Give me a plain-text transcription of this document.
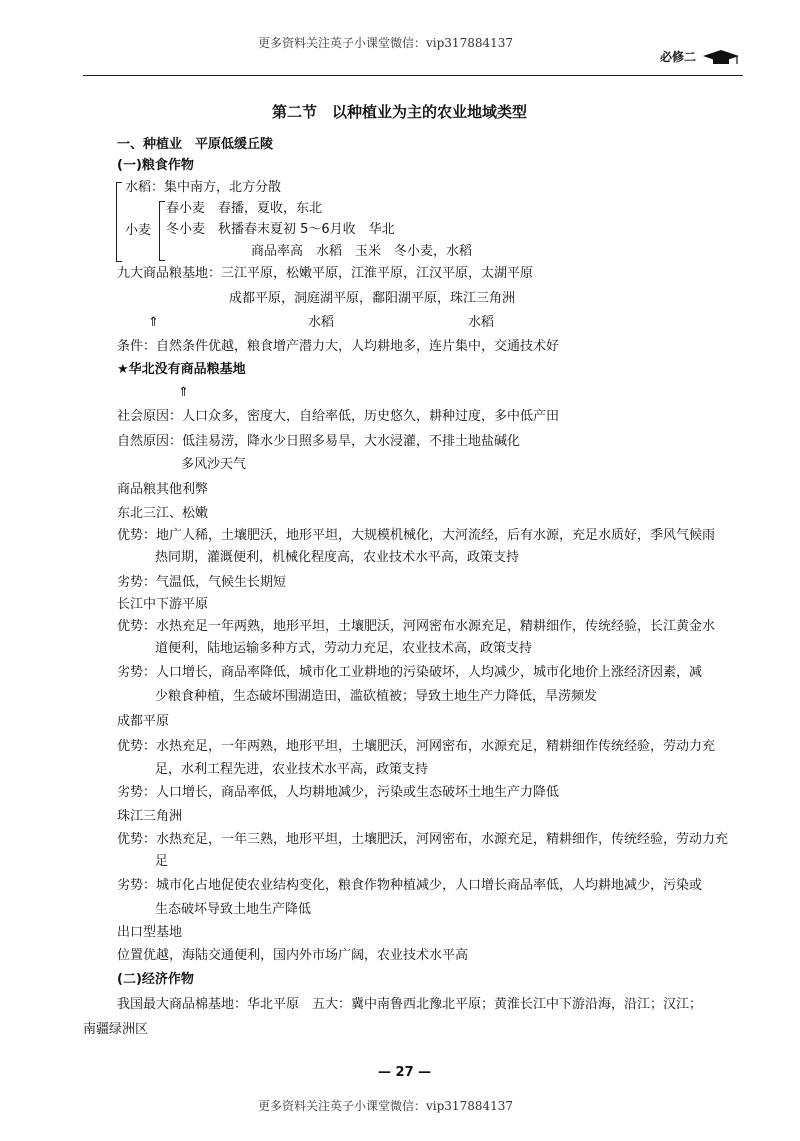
更多资料关注英子小课堂微信：vip317884137
必修二
第二节　以种植业为主的农业地域类型
一、种植业　平原低缓丘陵
(一)粮食作物
水稻：集中南方，北方分散
小麦
春小麦　春播，夏收，东北
冬小麦　秋播春末夏初 5～6月收　华北
商品率高　水稻　玉米　冬小麦，水稻
九大商品粮基地：三江平原，松嫩平原，江淮平原，江汉平原，太湖平原
成都平原，洞庭湖平原，鄱阳湖平原，珠江三角洲
⇑	水稻	水稻
条件：自然条件优越，粮食增产潜力大，人均耕地多，连片集中，交通技术好
★华北没有商品粮基地
⇑
社会原因：人口众多，密度大，自给率低，历史悠久，耕种过度，多中低产田
自然原因：低洼易涝，降水少日照多易旱，大水浸灌，不排土地盐碱化
多风沙天气
商品粮其他利弊
东北三江、松嫩
优势：地广人稀，土壤肥沃，地形平坦，大规模机械化，大河流经，后有水源，充足水质好，季风气候雨
热同期，灌溉便利，机械化程度高，农业技术水平高，政策支持
劣势：气温低，气候生长期短
长江中下游平原
优势：水热充足一年两熟，地形平坦，土壤肥沃，河网密布水源充足，精耕细作，传统经验，长江黄金水
道便利，陆地运输多种方式，劳动力充足，农业技术高，政策支持
劣势：人口增长，商品率降低，城市化工业耕地的污染破坏，人均减少，城市化地价上涨经济因素，减
少粮食种植，生态破坏围湖造田，滥砍植被；导致土地生产力降低，旱涝频发
成都平原
优势：水热充足，一年两熟，地形平坦，土壤肥沃，河网密布，水源充足，精耕细作传统经验，劳动力充
足，水利工程先进，农业技术水平高，政策支持
劣势：人口增长，商品率低，人均耕地减少，污染或生态破坏土地生产力降低
珠江三角洲
优势：水热充足，一年三熟，地形平坦，土壤肥沃，河网密布，水源充足，精耕细作，传统经验，劳动力充
足
劣势：城市化占地促使农业结构变化，粮食作物种植减少，人口增长商品率低，人均耕地减少，污染或
生态破坏导致土地生产降低
出口型基地
位置优越，海陆交通便利，国内外市场广阔，农业技术水平高
(二)经济作物
我国最大商品棉基地：华北平原　五大：冀中南鲁西北豫北平原；黄淮长江中下游沿海，沿江；汉江；
南疆绿洲区
— 27 —
更多资料关注英子小课堂微信：vip317884137
